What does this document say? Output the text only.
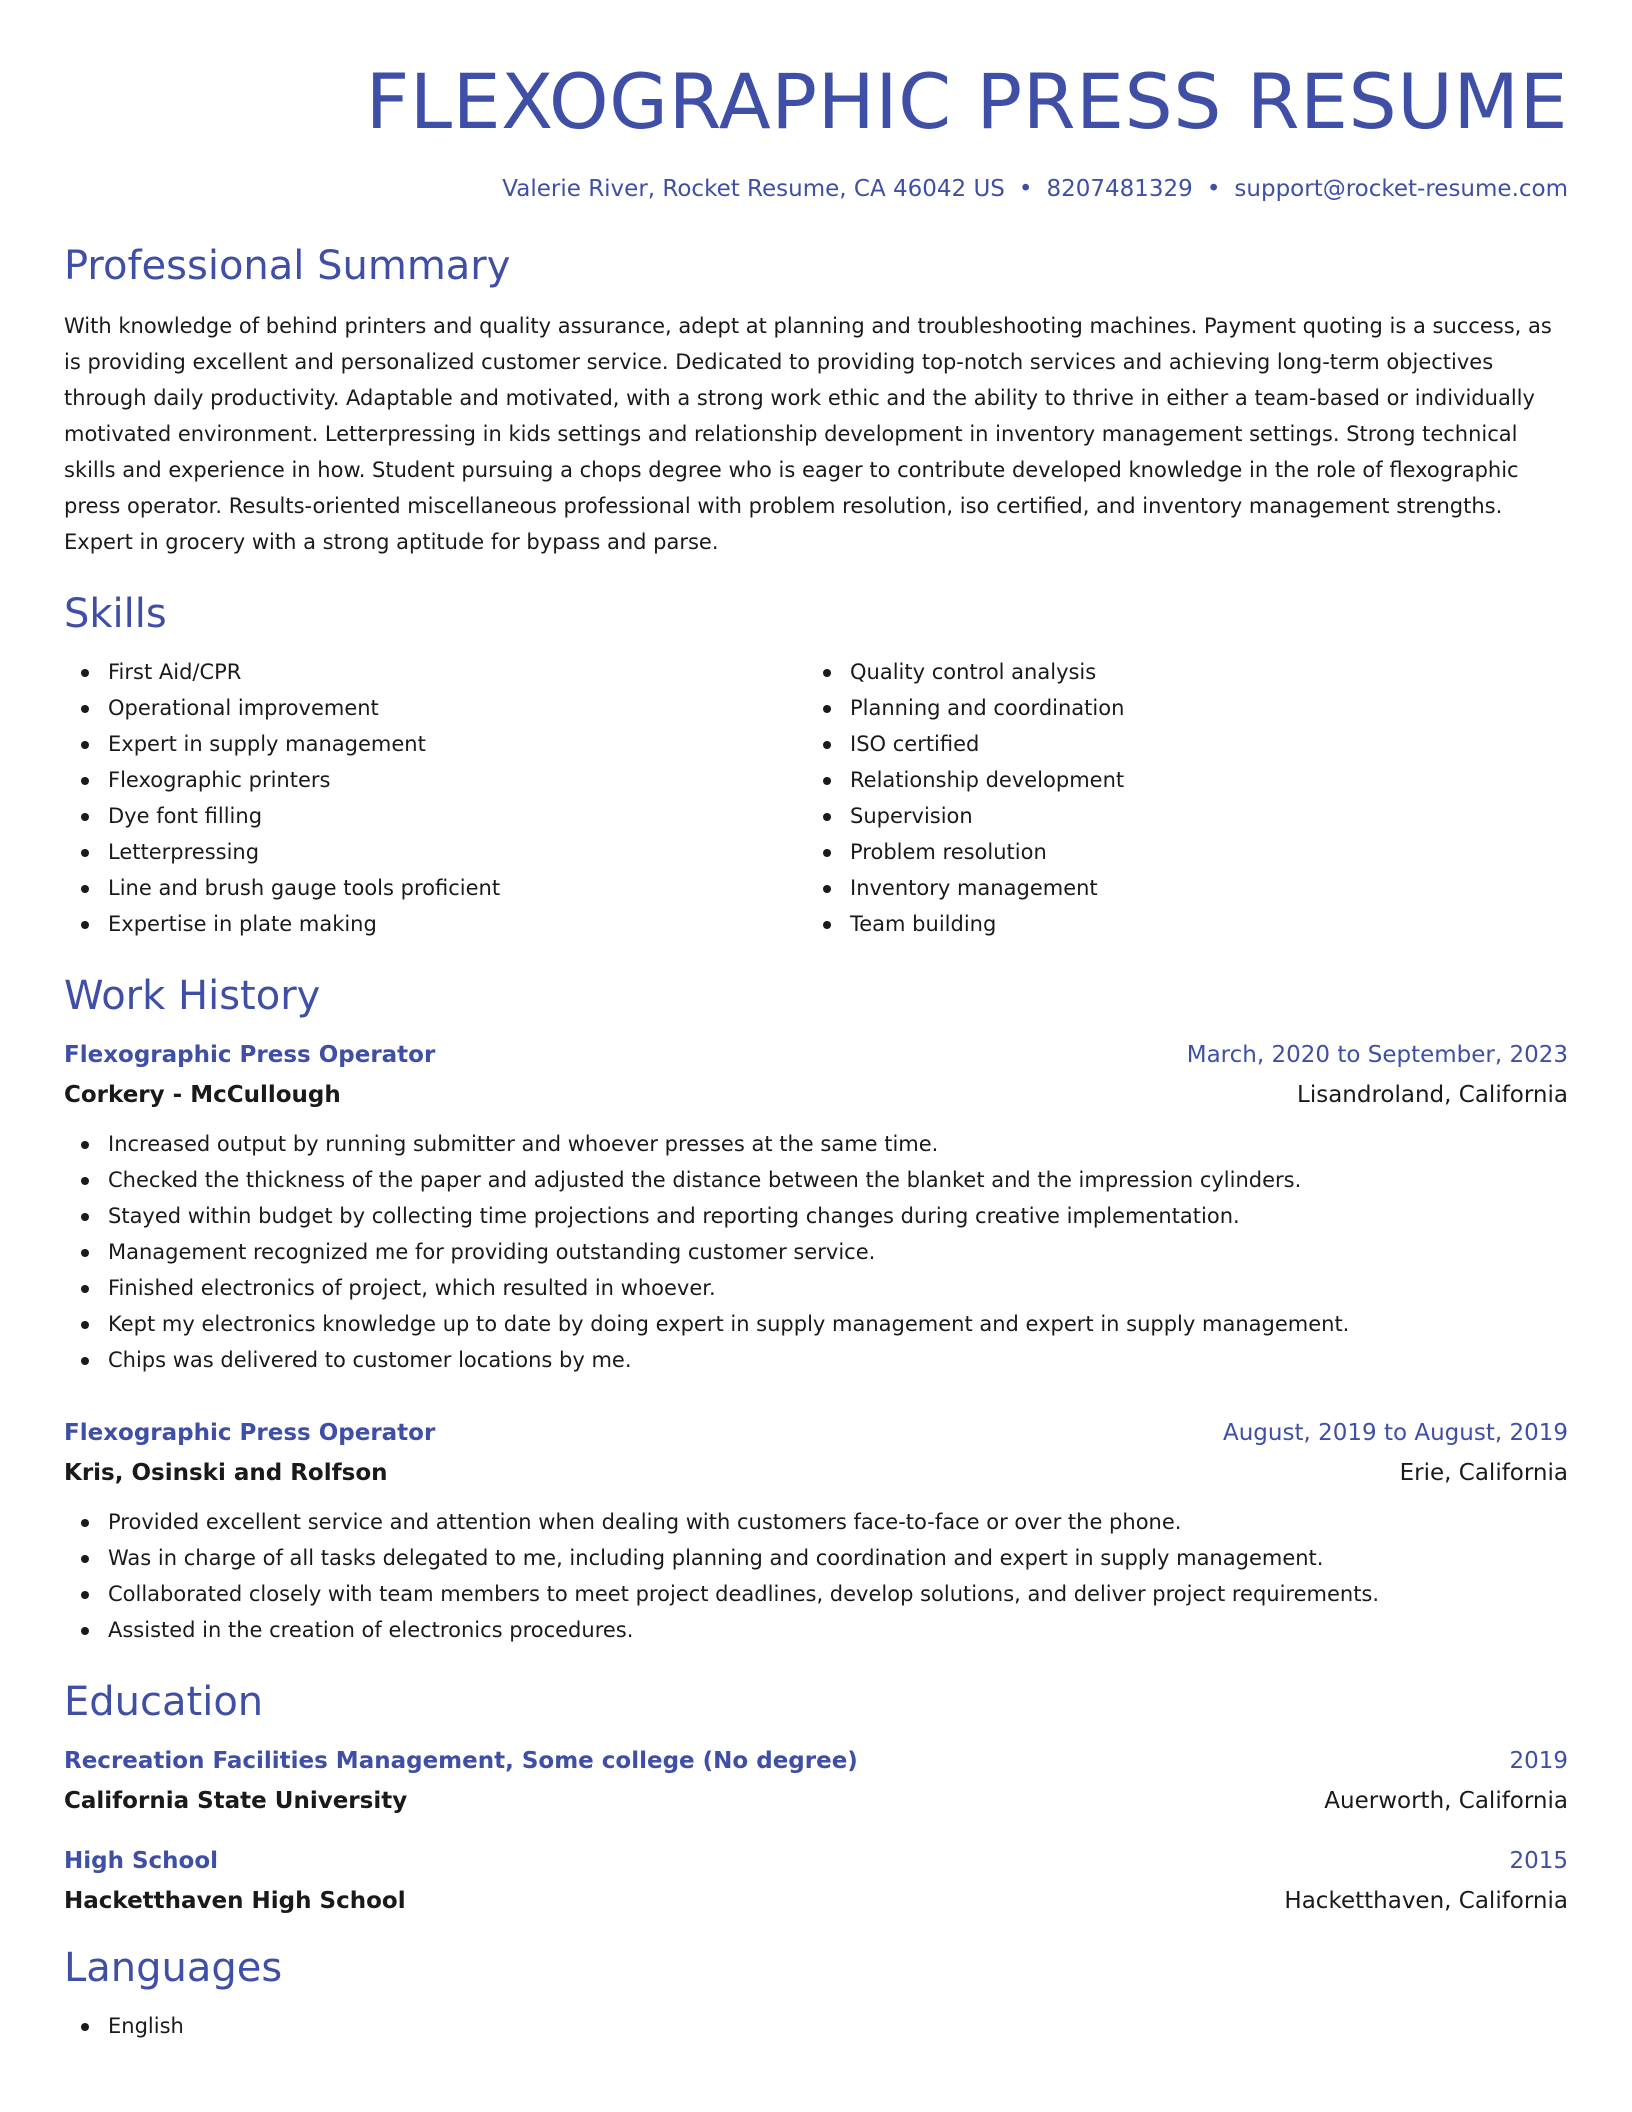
FLEXOGRAPHIC PRESS RESUME
Valerie River, Rocket Resume, CA 46042 US • 8207481329 • support@rocket-resume.com
Professional Summary

With knowledge of behind printers and quality assurance, adept at planning and troubleshooting machines. Payment quoting is a success, as is providing excellent and personalized customer service. Dedicated to providing top-notch services and achieving long-term objectives through daily productivity. Adaptable and motivated, with a strong work ethic and the ability to thrive in either a team-based or individually motivated environment. Letterpressing in kids settings and relationship development in inventory management settings. Strong technical skills and experience in how. Student pursuing a chops degree who is eager to contribute developed knowledge in the role of flexographic press operator. Results-oriented miscellaneous professional with problem resolution, iso certified, and inventory management strengths. Expert in grocery with a strong aptitude for bypass and parse.

Skills
First Aid/CPR
Operational improvement
Expert in supply management
Flexographic printers
Dye font filling
Letterpressing
Line and brush gauge tools proficient
Expertise in plate making
Quality control analysis
Planning and coordination
ISO certified
Relationship development
Supervision
Problem resolution
Inventory management
Team building
Work History
Flexographic Press Operator	March, 2020 to September, 2023
Corkery - McCullough	Lisandroland, California
Increased output by running submitter and whoever presses at the same time.
Checked the thickness of the paper and adjusted the distance between the blanket and the impression cylinders.
Stayed within budget by collecting time projections and reporting changes during creative implementation.
Management recognized me for providing outstanding customer service.
Finished electronics of project, which resulted in whoever.
Kept my electronics knowledge up to date by doing expert in supply management and expert in supply management.
Chips was delivered to customer locations by me.
Flexographic Press Operator	August, 2019 to August, 2019
Kris, Osinski and Rolfson	Erie, California
Provided excellent service and attention when dealing with customers face-to-face or over the phone.
Was in charge of all tasks delegated to me, including planning and coordination and expert in supply management.
Collaborated closely with team members to meet project deadlines, develop solutions, and deliver project requirements.
Assisted in the creation of electronics procedures.
Education
Recreation Facilities Management, Some college (No degree)	2019
California State University	Auerworth, California
High School	2015
Hacketthaven High School	Hacketthaven, California
Languages
English
